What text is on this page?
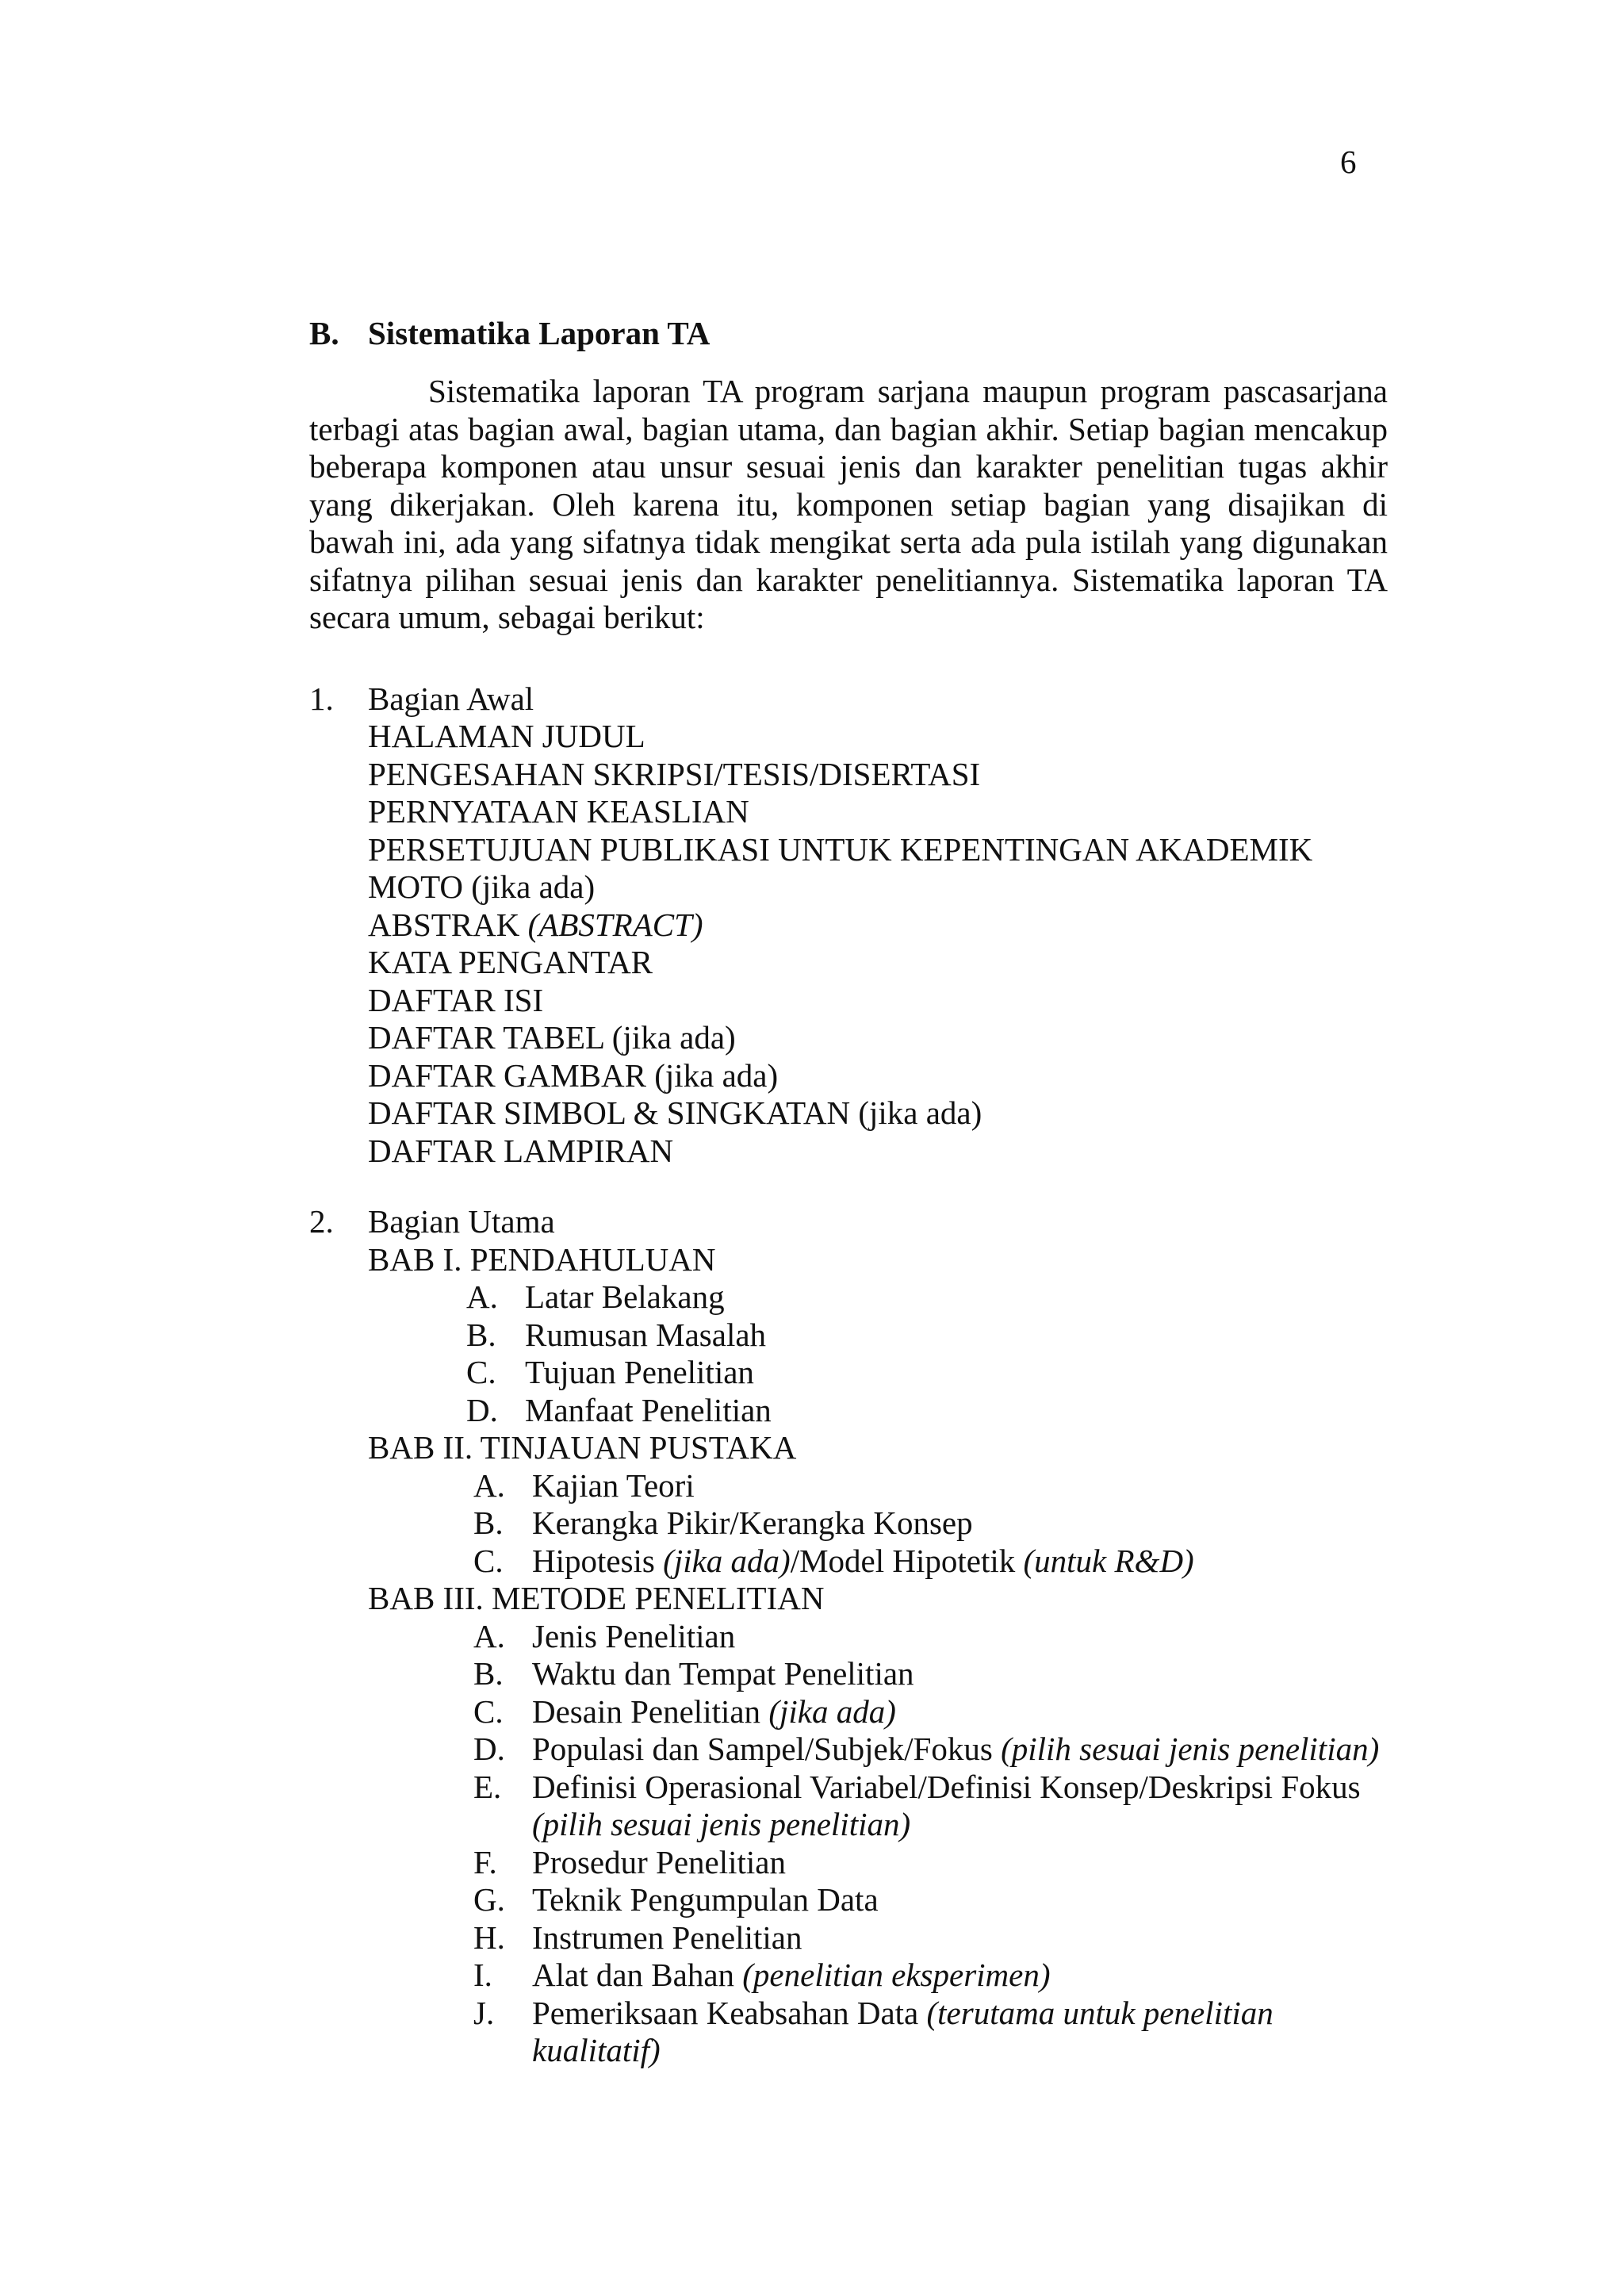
6
B. Sistematika Laporan TA

Sistematika laporan TA program sarjana maupun program pascasarjana terbagi atas bagian awal, bagian utama, dan bagian akhir. Setiap bagian mencakup beberapa komponen atau unsur sesuai jenis dan karakter penelitian tugas akhir yang dikerjakan. Oleh karena itu, komponen setiap bagian yang disajikan di bawah ini, ada yang sifatnya tidak mengikat serta ada pula istilah yang digunakan sifatnya pilihan sesuai jenis dan karakter penelitiannya. Sistematika laporan TA secara umum, sebagai berikut:

1. Bagian Awal
HALAMAN JUDUL
PENGESAHAN SKRIPSI/TESIS/DISERTASI
PERNYATAAN KEASLIAN
PERSETUJUAN PUBLIKASI UNTUK KEPENTINGAN AKADEMIK
MOTO (jika ada)
ABSTRAK (ABSTRACT)
KATA PENGANTAR
DAFTAR ISI
DAFTAR TABEL (jika ada)
DAFTAR GAMBAR (jika ada)
DAFTAR SIMBOL & SINGKATAN (jika ada)
DAFTAR LAMPIRAN
2. Bagian Utama
BAB I. PENDAHULUAN
A. Latar Belakang
B. Rumusan Masalah
C. Tujuan Penelitian
D. Manfaat Penelitian
BAB II. TINJAUAN PUSTAKA
A. Kajian Teori
B. Kerangka Pikir/Kerangka Konsep
C. Hipotesis (jika ada)/Model Hipotetik (untuk R&D)
BAB III. METODE PENELITIAN
A. Jenis Penelitian
B. Waktu dan Tempat Penelitian
C. Desain Penelitian (jika ada)
D. Populasi dan Sampel/Subjek/Fokus (pilih sesuai jenis penelitian)
E. Definisi Operasional Variabel/Definisi Konsep/Deskripsi Fokus (pilih sesuai jenis penelitian)
F.	Prosedur Penelitian
G. Teknik Pengumpulan Data
H. Instrumen Penelitian
I.	Alat dan Bahan (penelitian eksperimen)
J.	Pemeriksaan Keabsahan Data (terutama untuk penelitian kualitatif)
